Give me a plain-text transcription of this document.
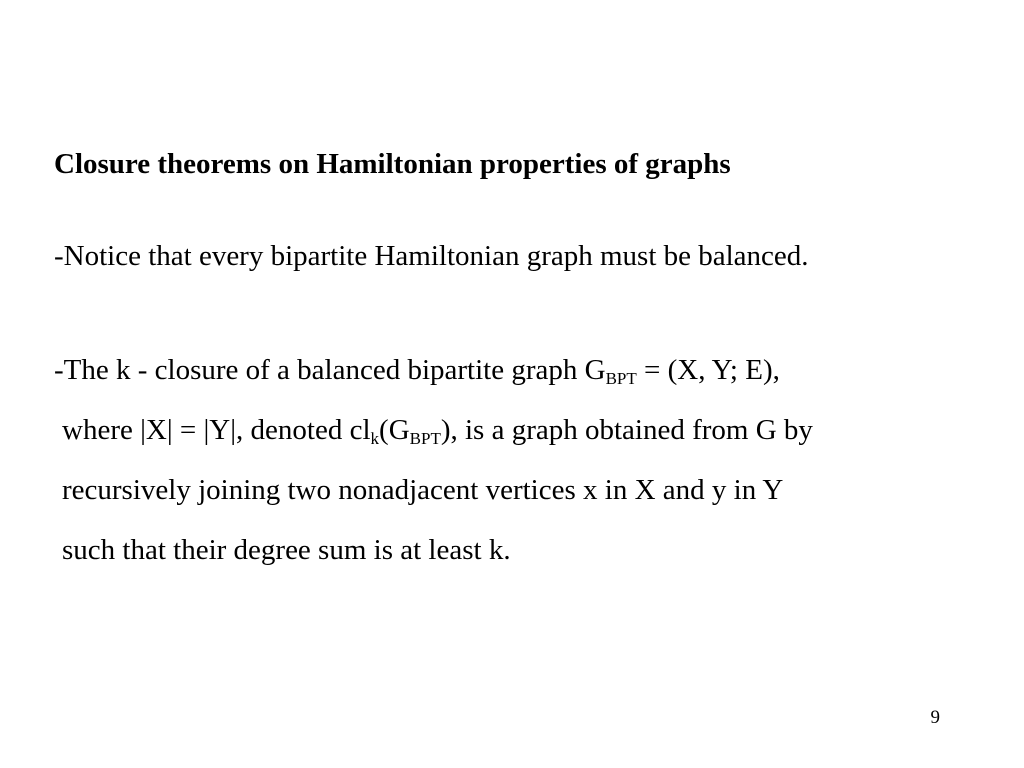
Closure theorems on Hamiltonian properties of graphs
-Notice that every bipartite Hamiltonian graph must be balanced.
-The k - closure of a balanced bipartite graph $G_{BPT} = (X$, Y; E),
where |X| = |Y|, denoted $cl_k(G_{BPT})$, is a graph obtained from G by
recursively joining two nonadjacent vertices x in X and y in Y
such that their degree sum is at least k.
9
